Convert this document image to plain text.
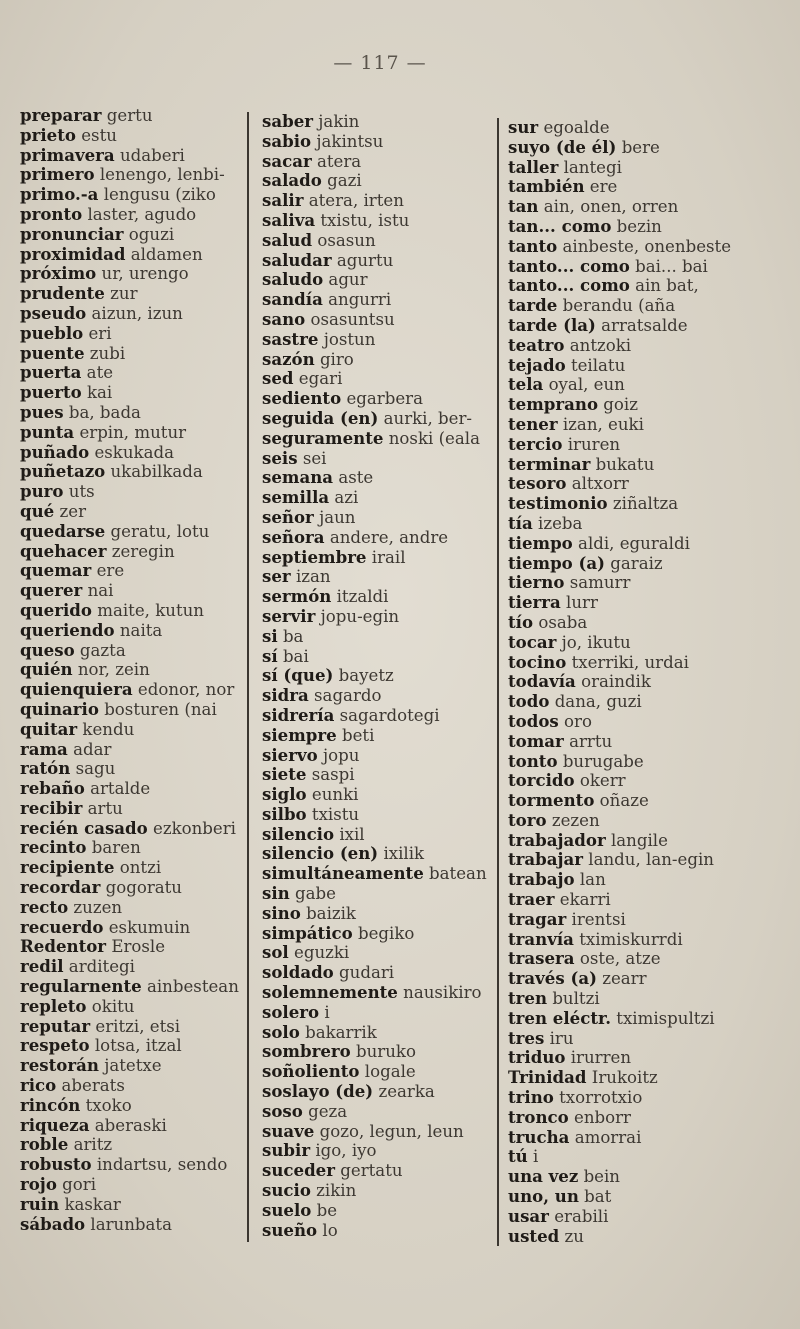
— 117 —
preparar gertu
prieto estu
primavera udaberi
primero lenengo, lenbi-
primo.-a lengusu (ziko
pronto laster, agudo
pronunciar oguzi
proximidad aldamen
próximo ur, urengo
prudente zur
pseudo aizun, izun
pueblo eri
puente zubi
puerta ate
puerto kai
pues ba, bada
punta erpin, mutur
puñado eskukada
puñetazo ukabilkada
puro uts
qué zer
quedarse geratu, lotu
quehacer zeregin
quemar ere
querer nai
querido maite, kutun
queriendo naita
queso gazta
quién nor, zein
quienquiera edonor, nor
quinario bosturen (nai
quitar kendu
rama adar
ratón sagu
rebaño artalde
recibir artu
recién casado ezkonberi
recinto baren
recipiente ontzi
recordar gogoratu
recto zuzen
recuerdo eskumuin
Redentor Erosle
redil arditegi
regularnente ainbestean
repleto okitu
reputar eritzi, etsi
respeto lotsa, itzal
restorán jatetxe
rico aberats
rincón txoko
riqueza aberaski
roble aritz
robusto indartsu, sendo
rojo gori
ruin kaskar
sábado larunbata
saber jakin
sabio jakintsu
sacar atera
salado gazi
salir atera, irten
saliva txistu, istu
salud osasun
saludar agurtu
saludo agur
sandía angurri
sano osasuntsu
sastre jostun
sazón giro
sed egari
sediento egarbera
seguida (en) aurki, ber-
seguramente noski (eala
seis sei
semana aste
semilla azi
señor jaun
señora andere, andre
septiembre irail
ser izan
sermón itzaldi
servir jopu-egin
si ba
sí bai
sí (que) bayetz
sidra sagardo
sidrería sagardotegi
siempre beti
siervo jopu
siete saspi
siglo eunki
silbo txistu
silencio ixil
silencio (en) ixilik
simultáneamente batean
sin gabe
sino baizik
simpático begiko
sol eguzki
soldado gudari
solemnemente nausikiro
solero i
solo bakarrik
sombrero buruko
soñoliento logale
soslayo (de) zearka
soso geza
suave gozo, legun, leun
subir igo, iyo
suceder gertatu
sucio zikin
suelo be
sueño lo
sur egoalde
suyo (de él) bere
taller lantegi
también ere
tan ain, onen, orren
tan... como bezin
tanto ainbeste, onenbeste
tanto... como bai... bai
tanto... como ain bat,
tarde berandu (aña
tarde (la) arratsalde
teatro antzoki
tejado teilatu
tela oyal, eun
temprano goiz
tener izan, euki
tercio iruren
terminar bukatu
tesoro altxorr
testimonio ziñaltza
tía izeba
tiempo aldi, eguraldi
tiempo (a) garaiz
tierno samurr
tierra lurr
tío osaba
tocar jo, ikutu
tocino txerriki, urdai
todavía oraindik
todo dana, guzi
todos oro
tomar arrtu
tonto burugabe
torcido okerr
tormento oñaze
toro zezen
trabajador langile
trabajar landu, lan-egin
trabajo lan
traer ekarri
tragar irentsi
tranvía tximiskurrdi
trasera oste, atze
través (a) zearr
tren bultzi
tren eléctr. tximispultzi
tres iru
triduo irurren
Trinidad Irukoitz
trino txorrotxio
tronco enborr
trucha amorrai
tú i
una vez bein
uno, un bat
usar erabili
usted zu
